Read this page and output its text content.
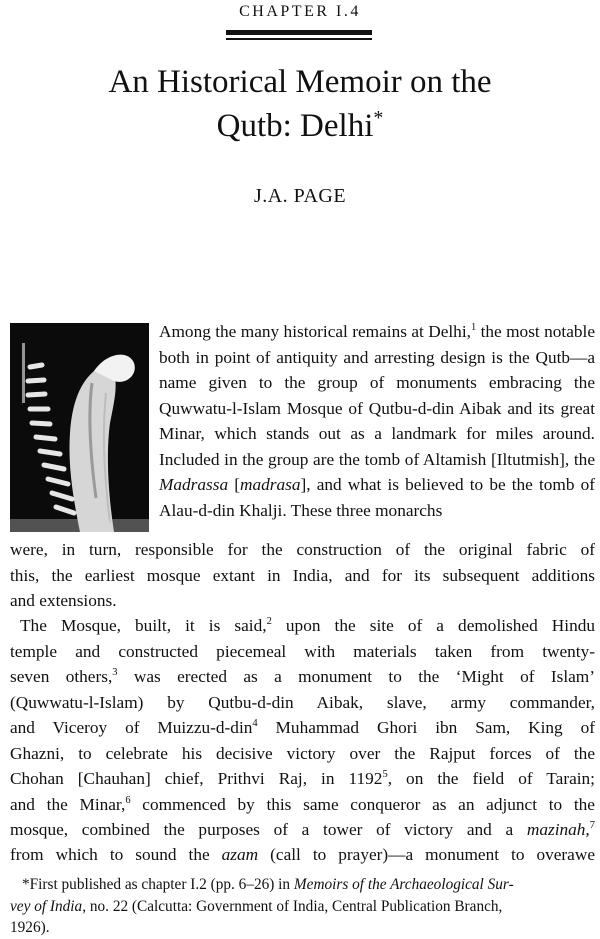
CHAPTER I.4
An Historical Memoir on the
Qutb: Delhi*
J.A. PAGE

Among the many historical remains at Delhi,$^1$ the most notable both in point of antiquity and arresting design is the Qutb—a name given to the group of monuments embracing the Quwwatu-l-Islam Mosque of Qutbu-d-din Aibak and its great Minar, which stands out as a landmark for miles around. Included in the group are the tomb of Altamish [Iltutmish], the Madrassa [madrasa], and what is believed to be the tomb of Alau-d-din Khalji. These three monarchs

were, in turn, responsible for the construction of the original fabric of

this, the earliest mosque extant in India, and for its subsequent additions

and extensions.

The Mosque, built, it is said,$^2$ upon the site of a demolished Hindu

temple and constructed piecemeal with materials taken from twenty-

seven others,$^3$ was erected as a monument to the ‘Might of Islam’

(Quwwatu-l-Islam) by Qutbu-d-din Aibak, slave, army commander,

and Viceroy of Muizzu-d-din$^4$ Muhammad Ghori ibn Sam, King of

Ghazni, to celebrate his decisive victory over the Rajput forces of the

Chohan [Chauhan] chief, Prithvi Raj, in 1192$^5$, on the field of Tarain;

and the Minar,$^6$ commenced by this same conqueror as an adjunct to the

mosque, combined the purposes of a tower of victory and a mazinah,$^7$

from which to sound the azam (call to prayer)—a monument to overawe

*First published as chapter I.2 (pp. 6–26) in Memoirs of the Archaeological Sur-

vey of India, no. 22 (Calcutta: Government of India, Central Publication Branch,

1926).
